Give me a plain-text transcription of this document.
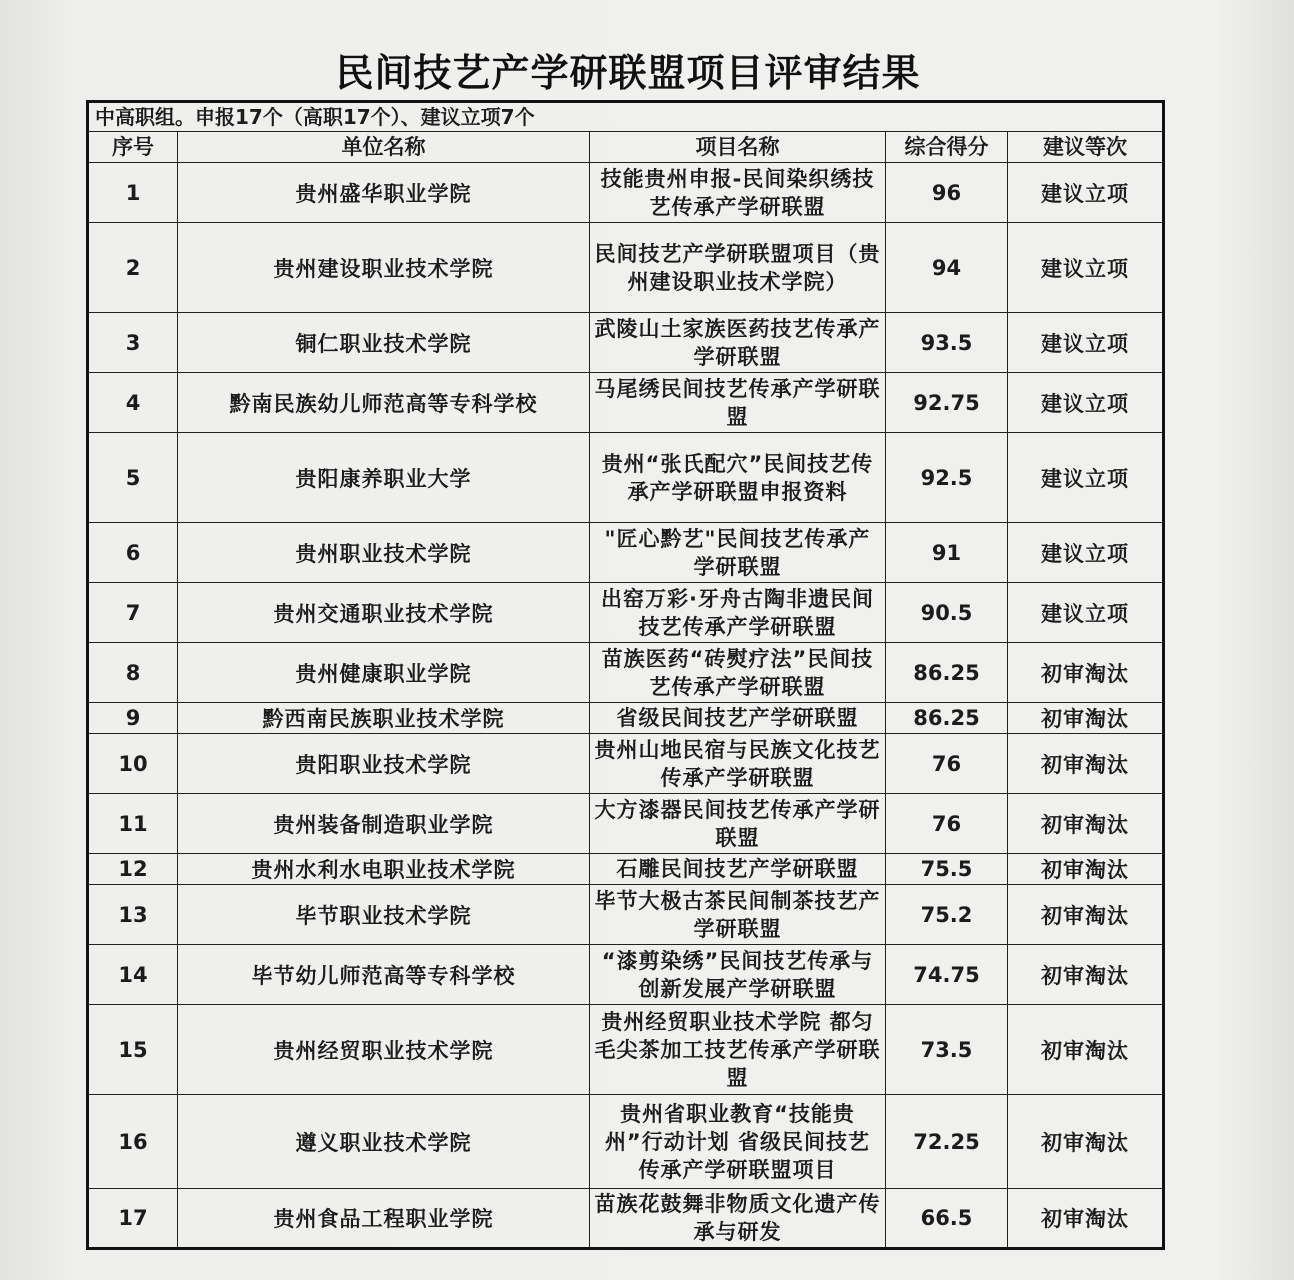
民间技艺产学研联盟项目评审结果
中高职组。申报17个（高职17个）、建议立项7个				
序号	单位名称	项目名称	综合得分	建议等次
1	贵州盛华职业学院	技能贵州申报-民间染织绣技艺传承产学研联盟	96	建议立项
2	贵州建设职业技术学院	民间技艺产学研联盟项目（贵州建设职业技术学院）	94	建议立项
3	铜仁职业技术学院	武陵山土家族医药技艺传承产学研联盟	93.5	建议立项
4	黔南民族幼儿师范高等专科学校	马尾绣民间技艺传承产学研联盟	92.75	建议立项
5	贵阳康养职业大学	贵州“张氏配穴”民间技艺传承产学研联盟申报资料	92.5	建议立项
6	贵州职业技术学院	"匠心黔艺"民间技艺传承产学研联盟	91	建议立项
7	贵州交通职业技术学院	出窑万彩·牙舟古陶非遗民间技艺传承产学研联盟	90.5	建议立项
8	贵州健康职业学院	苗族医药“砖熨疗法”民间技艺传承产学研联盟	86.25	初审淘汰
9	黔西南民族职业技术学院	省级民间技艺产学研联盟	86.25	初审淘汰
10	贵阳职业技术学院	贵州山地民宿与民族文化技艺传承产学研联盟	76	初审淘汰
11	贵州装备制造职业学院	大方漆器民间技艺传承产学研联盟	76	初审淘汰
12	贵州水利水电职业技术学院	石雕民间技艺产学研联盟	75.5	初审淘汰
13	毕节职业技术学院	毕节大极古茶民间制茶技艺产学研联盟	75.2	初审淘汰
14	毕节幼儿师范高等专科学校	“漆剪染绣”民间技艺传承与创新发展产学研联盟	74.75	初审淘汰
15	贵州经贸职业技术学院	贵州经贸职业技术学院 都匀毛尖茶加工技艺传承产学研联盟	73.5	初审淘汰
16	遵义职业技术学院	贵州省职业教育“技能贵州”行动计划 省级民间技艺传承产学研联盟项目	72.25	初审淘汰
17	贵州食品工程职业学院	苗族花鼓舞非物质文化遗产传承与研发	66.5	初审淘汰
